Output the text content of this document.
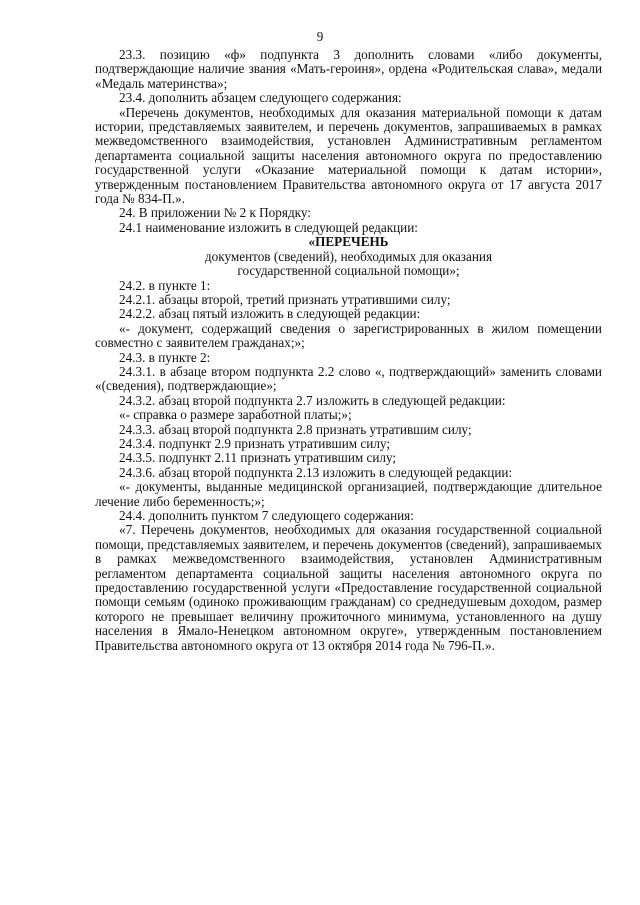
9

23.3. позицию «ф» подпункта 3 дополнить словами «либо документы, подтверждающие наличие звания «Мать-героиня», ордена «Родительская слава», медали «Медаль материнства»;

23.4. дополнить абзацем следующего содержания:

«Перечень документов, необходимых для оказания материальной помощи к датам истории, представляемых заявителем, и перечень документов, запрашиваемых в рамках межведомственного взаимодействия, установлен Административным регламентом департамента социальной защиты населения автономного округа по предоставлению государственной услуги «Оказание материальной помощи к датам истории», утвержденным постановлением Правительства автономного округа от 17 августа 2017 года № 834-П.».

24. В приложении № 2 к Порядку:

24.1 наименование изложить в следующей редакции:

«ПЕРЕЧЕНЬ

документов (сведений), необходимых для оказания

государственной социальной помощи»;

24.2. в пункте 1:

24.2.1. абзацы второй, третий признать утратившими силу;

24.2.2. абзац пятый изложить в следующей редакции:

«- документ, содержащий сведения о зарегистрированных в жилом помещении совместно с заявителем гражданах;»;

24.3. в пункте 2:

24.3.1. в абзаце втором подпункта 2.2 слово «, подтверждающий» заменить словами «(сведения), подтверждающие»;

24.3.2. абзац второй подпункта 2.7 изложить в следующей редакции:

«- справка о размере заработной платы;»;

24.3.3. абзац второй подпункта 2.8 признать утратившим силу;

24.3.4. подпункт 2.9 признать утратившим силу;

24.3.5. подпункт 2.11 признать утратившим силу;

24.3.6. абзац второй подпункта 2.13 изложить в следующей редакции:

«- документы, выданные медицинской организацией, подтверждающие длительное лечение либо беременность;»;

24.4. дополнить пунктом 7 следующего содержания:

«7. Перечень документов, необходимых для оказания государственной социальной помощи, представляемых заявителем, и перечень документов (сведений), запрашиваемых в рамках межведомственного взаимодействия, установлен Административным регламентом департамента социальной защиты населения автономного округа по предоставлению государственной услуги «Предоставление государственной социальной помощи семьям (одиноко проживающим гражданам) со среднедушевым доходом, размер которого не превышает величину прожиточного минимума, установленного на душу населения в Ямало-Ненецком автономном округе», утвержденным постановлением Правительства автономного округа от 13 октября 2014 года № 796-П.».
